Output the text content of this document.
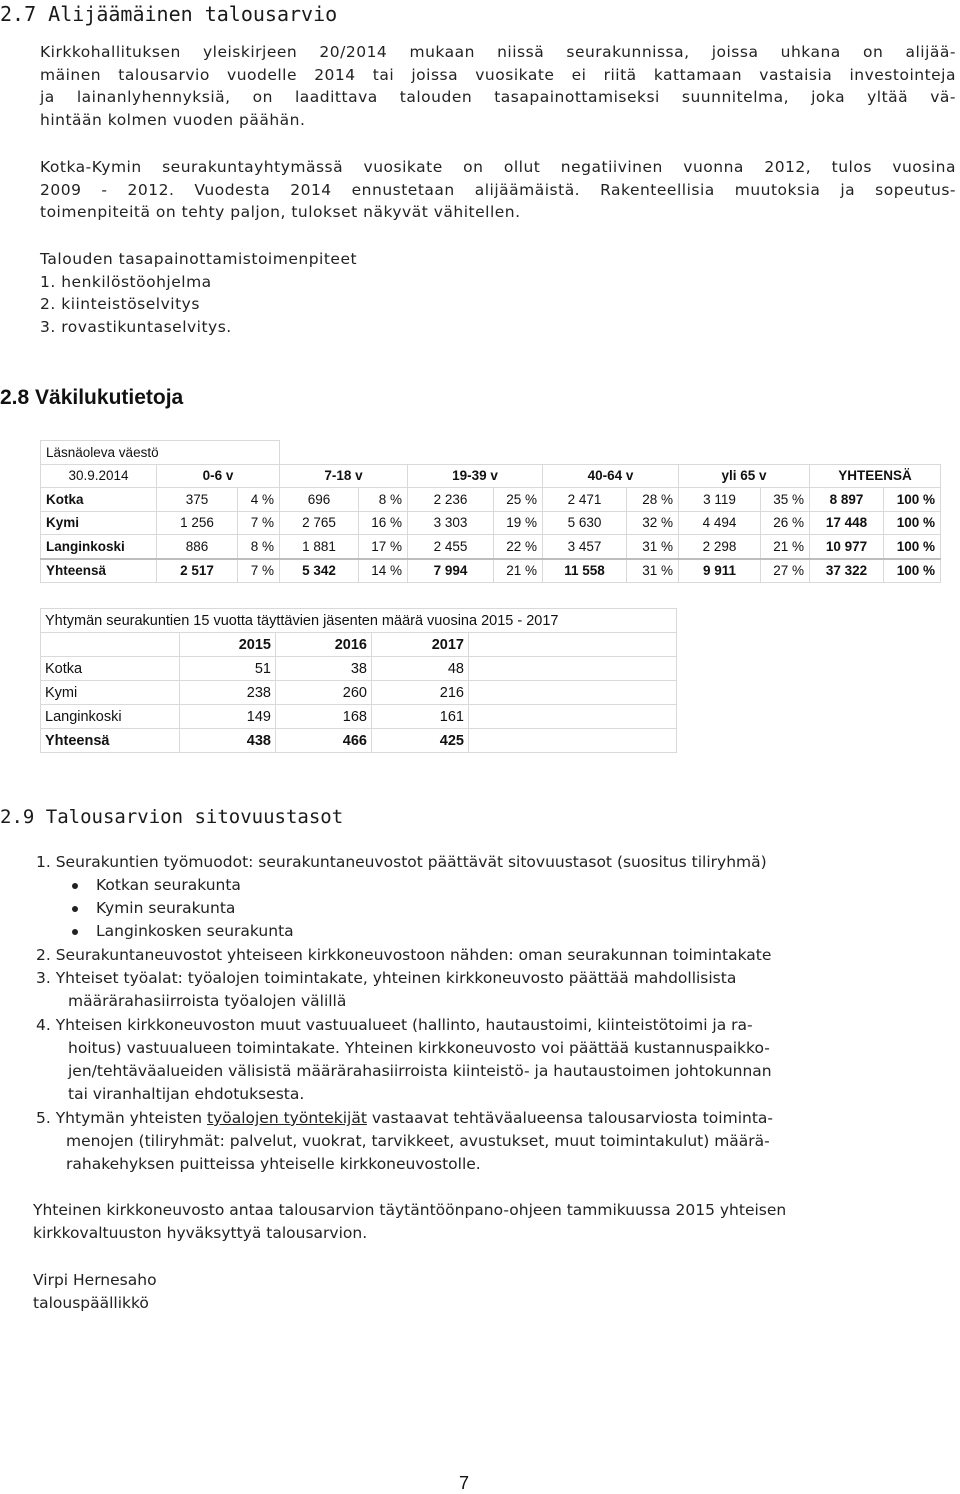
2.7 Alijäämäinen talousarvio
Kirkkohallituksen yleiskirjeen 20/2014 mukaan niissä seurakunnissa, joissa uhkana on alijää-
mäinen talousarvio vuodelle 2014 tai joissa vuosikate ei riitä kattamaan vastaisia investointeja
ja lainanlyhennyksiä, on laadittava talouden tasapainottamiseksi suunnitelma, joka yltää vä-
hintään kolmen vuoden päähän.
Kotka-Kymin seurakuntayhtymässä vuosikate on ollut negatiivinen vuonna 2012, tulos vuosina
2009 - 2012. Vuodesta 2014 ennustetaan alijäämäistä. Rakenteellisia muutoksia ja sopeutus-
toimenpiteitä on tehty paljon, tulokset näkyvät vähitellen.
Talouden tasapainottamistoimenpiteet
1. henkilöstöohjelma
2. kiinteistöselvitys
3. rovastikuntaselvitys.
2.8 Väkilukutietoja
Läsnäoleva väestö												
30.9.2014	0-6 v		7-18 v		19-39 v		40-64 v		yli 65 v		YHTEENSÄ	
Kotka	375	4 %	696	8 %	2 236	25 %	2 471	28 %	3 119	35 %	8 897	100 %
Kymi	1 256	7 %	2 765	16 %	3 303	19 %	5 630	32 %	4 494	26 %	17 448	100 %
Langinkoski	886	8 %	1 881	17 %	2 455	22 %	3 457	31 %	2 298	21 %	10 977	100 %
Yhteensä	2 517	7 %	5 342	14 %	7 994	21 %	11 558	31 %	9 911	27 %	37 322	100 %
Yhtymän seurakuntien 15 vuotta täyttävien jäsenten määrä vuosina 2015 - 2017				
	2015	2016	2017	
Kotka	51	38	48	
Kymi	238	260	216	
Langinkoski	149	168	161	
Yhteensä	438	466	425	
2.9 Talousarvion sitovuustasot
1. Seurakuntien työmuodot: seurakuntaneuvostot päättävät sitovuustasot (suositus tiliryhmä)
Kotkan seurakunta
Kymin seurakunta
Langinkosken seurakunta
2. Seurakuntaneuvostot yhteiseen kirkkoneuvostoon nähden: oman seurakunnan toimintakate
3. Yhteiset työalat: työalojen toimintakate, yhteinen kirkkoneuvosto päättää mahdollisista
määrärahasiirroista työalojen välillä
4. Yhteisen kirkkoneuvoston muut vastuualueet (hallinto, hautaustoimi, kiinteistötoimi ja ra-
hoitus) vastuualueen toimintakate. Yhteinen kirkkoneuvosto voi päättää kustannuspaikko-
jen/tehtäväalueiden välisistä määrärahasiirroista kiinteistö- ja hautaustoimen johtokunnan
tai viranhaltijan ehdotuksesta.
5. Yhtymän yhteisten työalojen työntekijät vastaavat tehtäväalueensa talousarviosta toiminta-
menojen (tiliryhmät: palvelut, vuokrat, tarvikkeet, avustukset, muut toimintakulut) määrä-
rahakehyksen puitteissa yhteiselle kirkkoneuvostolle.
Yhteinen kirkkoneuvosto antaa talousarvion täytäntöönpano-ohjeen tammikuussa 2015 yhteisen
kirkkovaltuuston hyväksyttyä talousarvion.
Virpi Hernesaho
talouspäällikkö
7
